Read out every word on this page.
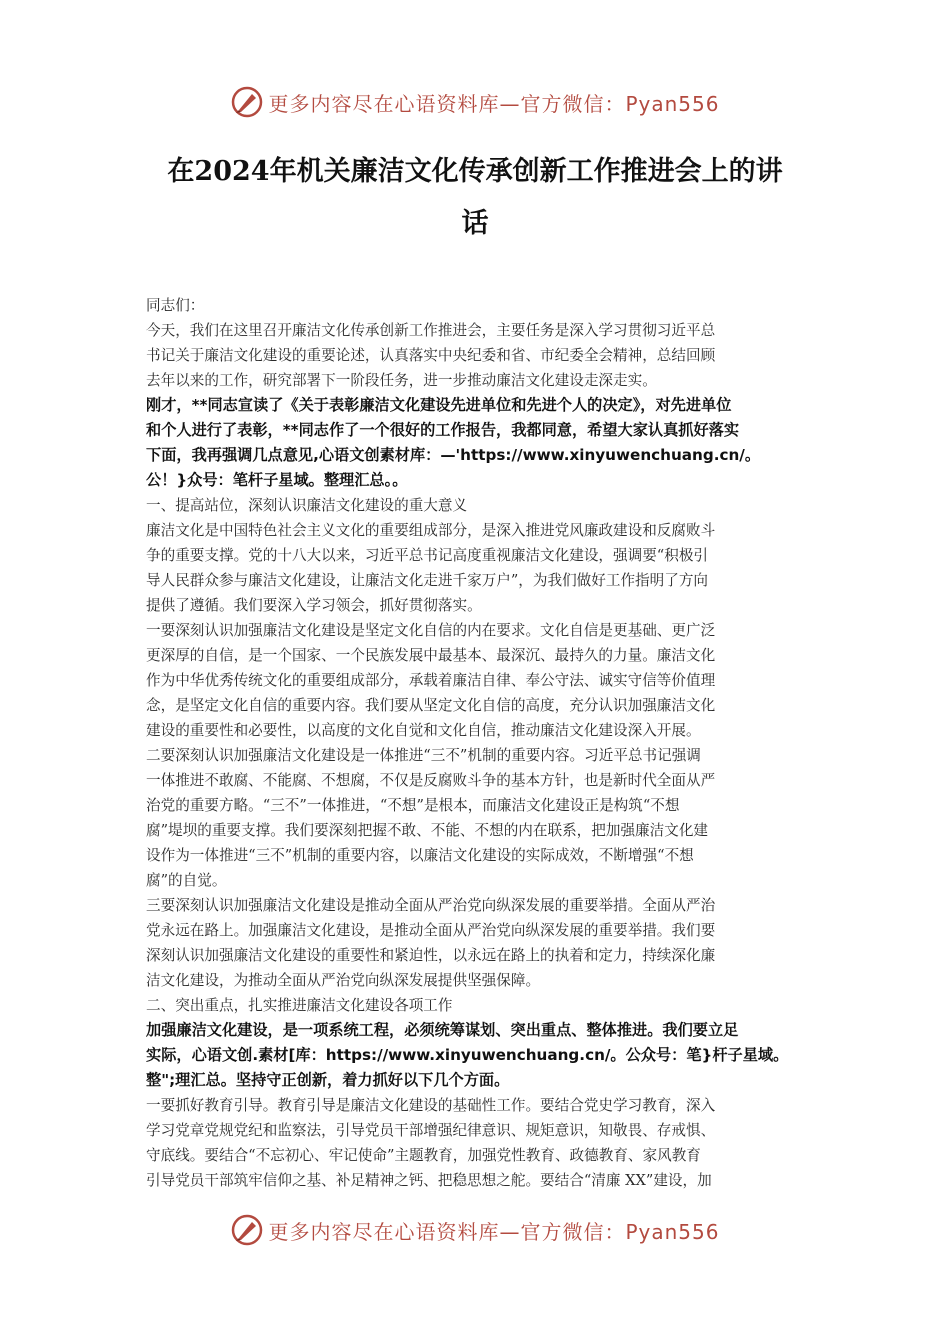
更多内容尽在心语资料库—官方微信：Pyan556
在2024年机关廉洁文化传承创新工作推进会上的讲
话

同志们：

今天，我们在这里召开廉洁文化传承创新工作推进会，主要任务是深入学习贯彻习近平总

书记关于廉洁文化建设的重要论述，认真落实中央纪委和省、市纪委全会精神，总结回顾

去年以来的工作，研究部署下一阶段任务，进一步推动廉洁文化建设走深走实。

刚才，**同志宣读了《关于表彰廉洁文化建设先进单位和先进个人的决定》，对先进单位

和个人进行了表彰，**同志作了一个很好的工作报告，我都同意，希望大家认真抓好落实

下面，我再强调几点意见,心语文创素材库：—'https://www.xinyuwenchuang.cn/。

公！}众号：笔杆子星域。整理汇总。。

一、提高站位，深刻认识廉洁文化建设的重大意义

廉洁文化是中国特色社会主义文化的重要组成部分，是深入推进党风廉政建设和反腐败斗

争的重要支撑。党的十八大以来，习近平总书记高度重视廉洁文化建设，强调要“积极引

导人民群众参与廉洁文化建设，让廉洁文化走进千家万户”，为我们做好工作指明了方向

提供了遵循。我们要深入学习领会，抓好贯彻落实。

一要深刻认识加强廉洁文化建设是坚定文化自信的内在要求。文化自信是更基础、更广泛

更深厚的自信，是一个国家、一个民族发展中最基本、最深沉、最持久的力量。廉洁文化

作为中华优秀传统文化的重要组成部分，承载着廉洁自律、奉公守法、诚实守信等价值理

念，是坚定文化自信的重要内容。我们要从坚定文化自信的高度，充分认识加强廉洁文化

建设的重要性和必要性，以高度的文化自觉和文化自信，推动廉洁文化建设深入开展。

二要深刻认识加强廉洁文化建设是一体推进“三不”机制的重要内容。习近平总书记强调

一体推进不敢腐、不能腐、不想腐，不仅是反腐败斗争的基本方针，也是新时代全面从严

治党的重要方略。“三不”一体推进，“不想”是根本，而廉洁文化建设正是构筑“不想

腐”堤坝的重要支撑。我们要深刻把握不敢、不能、不想的内在联系，把加强廉洁文化建

设作为一体推进“三不”机制的重要内容，以廉洁文化建设的实际成效，不断增强“不想

腐”的自觉。

三要深刻认识加强廉洁文化建设是推动全面从严治党向纵深发展的重要举措。全面从严治

党永远在路上。加强廉洁文化建设，是推动全面从严治党向纵深发展的重要举措。我们要

深刻认识加强廉洁文化建设的重要性和紧迫性，以永远在路上的执着和定力，持续深化廉

洁文化建设，为推动全面从严治党向纵深发展提供坚强保障。

二、突出重点，扎实推进廉洁文化建设各项工作

加强廉洁文化建设，是一项系统工程，必须统筹谋划、突出重点、整体推进。我们要立足

实际，心语文创.素材[库：https://www.xinyuwenchuang.cn/。公众号：笔}杆子星域。

整";理汇总。坚持守正创新，着力抓好以下几个方面。

一要抓好教育引导。教育引导是廉洁文化建设的基础性工作。要结合党史学习教育，深入

学习党章党规党纪和监察法，引导党员干部增强纪律意识、规矩意识，知敬畏、存戒惧、

守底线。要结合“不忘初心、牢记使命”主题教育，加强党性教育、政德教育、家风教育

引导党员干部筑牢信仰之基、补足精神之钙、把稳思想之舵。要结合“清廉 XX”建设，加

更多内容尽在心语资料库—官方微信：Pyan556
